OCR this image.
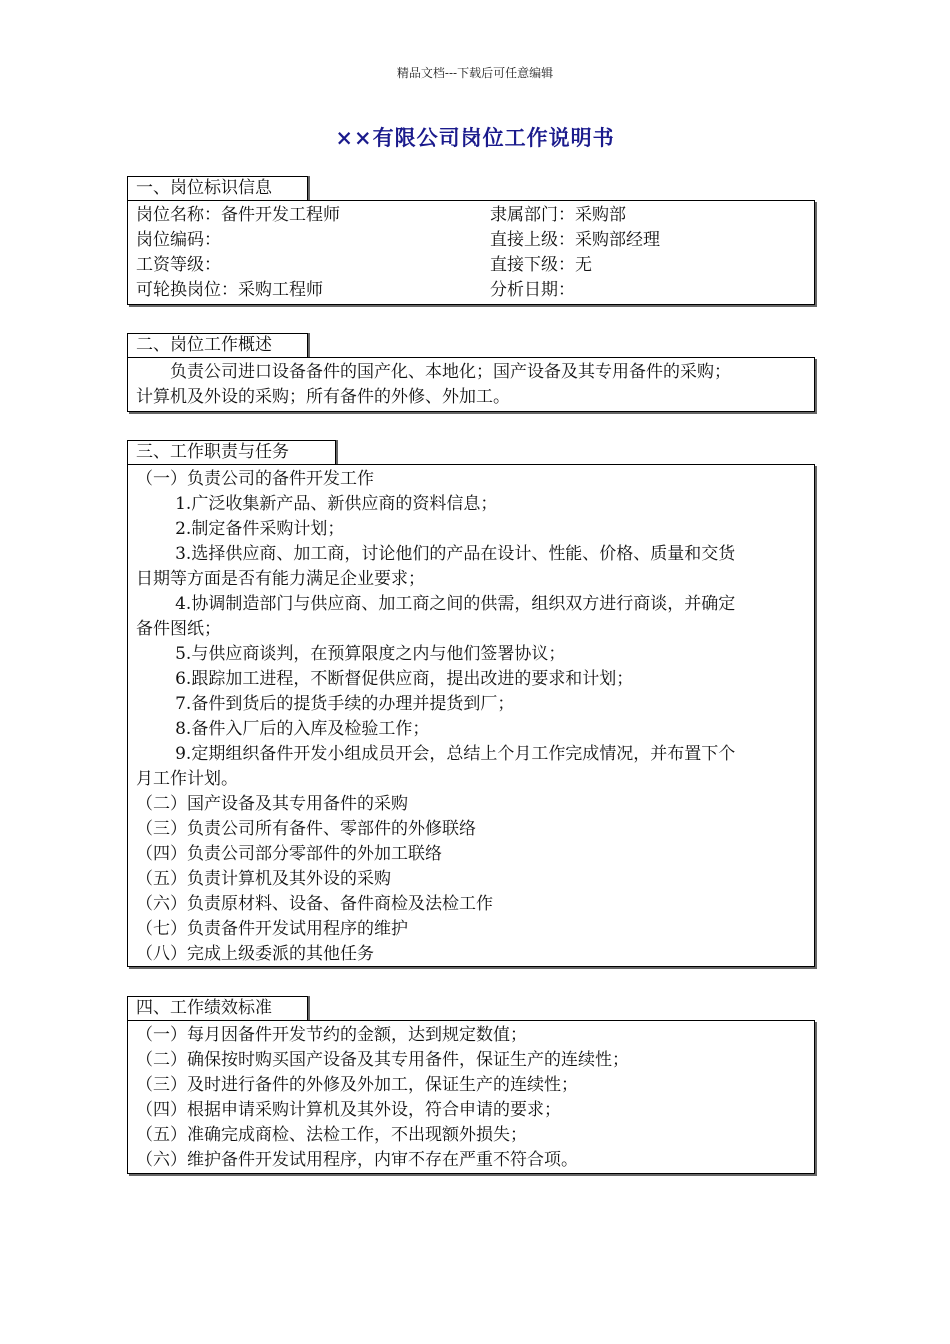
精品文档---下载后可任意编辑
××有限公司岗位工作说明书
一、岗位标识信息
岗位名称：备件开发工程师	隶属部门：采购部
岗位编码：	直接上级：采购部经理
工资等级：	直接下级：无
可轮换岗位：采购工程师	分析日期：
二、岗位工作概述
负责公司进口设备备件的国产化、本地化；国产设备及其专用备件的采购；
计算机及外设的采购；所有备件的外修、外加工。
三、工作职责与任务
（一）负责公司的备件开发工作
1.广泛收集新产品、新供应商的资料信息；
2.制定备件采购计划；
3.选择供应商、加工商，讨论他们的产品在设计、性能、价格、质量和交货
日期等方面是否有能力满足企业要求；
4.协调制造部门与供应商、加工商之间的供需，组织双方进行商谈，并确定
备件图纸；
5.与供应商谈判，在预算限度之内与他们签署协议；
6.跟踪加工进程，不断督促供应商，提出改进的要求和计划；
7.备件到货后的提货手续的办理并提货到厂；
8.备件入厂后的入库及检验工作；
9.定期组织备件开发小组成员开会，总结上个月工作完成情况，并布置下个
月工作计划。
（二）国产设备及其专用备件的采购
（三）负责公司所有备件、零部件的外修联络
（四）负责公司部分零部件的外加工联络
（五）负责计算机及其外设的采购
（六）负责原材料、设备、备件商检及法检工作
（七）负责备件开发试用程序的维护
（八）完成上级委派的其他任务
四、工作绩效标准
（一）每月因备件开发节约的金额，达到规定数值；
（二）确保按时购买国产设备及其专用备件，保证生产的连续性；
（三）及时进行备件的外修及外加工，保证生产的连续性；
（四）根据申请采购计算机及其外设，符合申请的要求；
（五）准确完成商检、法检工作，不出现额外损失；
（六）维护备件开发试用程序，内审不存在严重不符合项。
